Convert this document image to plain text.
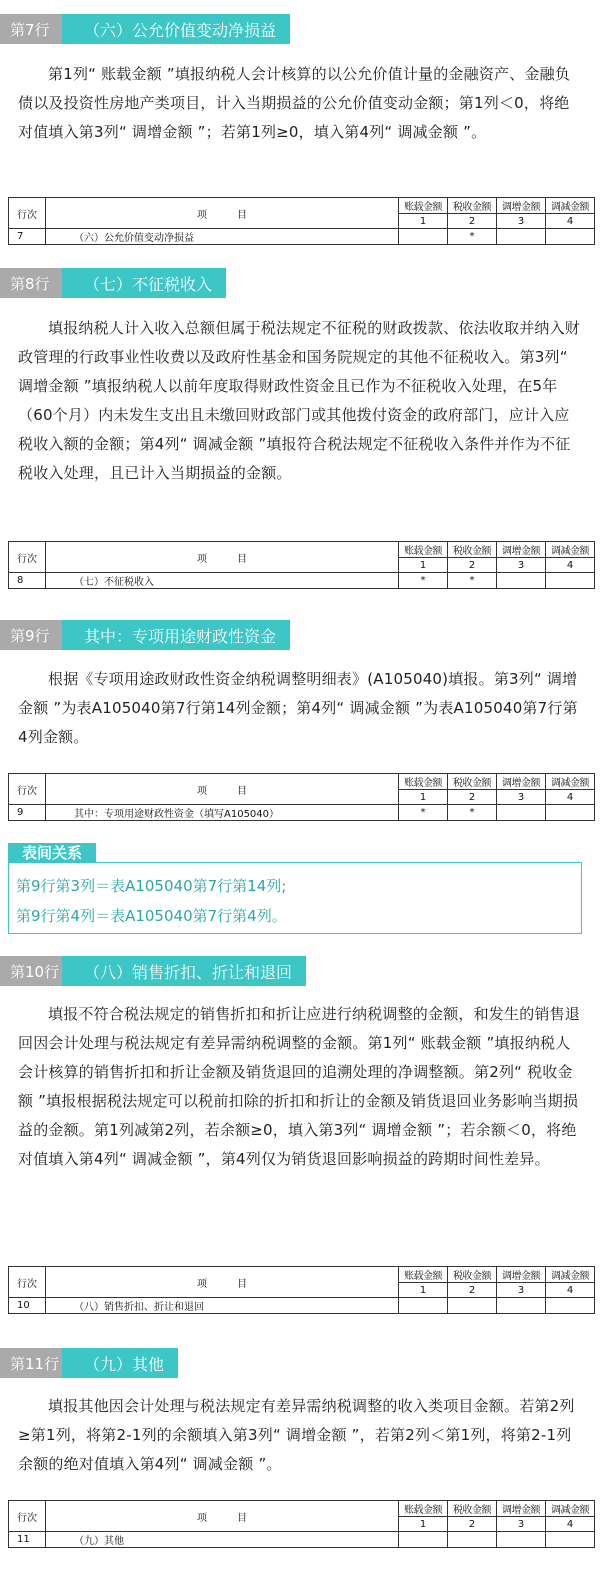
第7行	（六）公允价值变动净损益
第1列“ 账载金额 ”填报纳税人会计核算的以公允价值计量的金融资产、金融负债以及投资性房地产类项目，计入当期损益的公允价值变动金额；第1列＜0，将绝对值填入第3列“ 调增金额 ”；若第1列≥0，填入第4列“ 调减金额 ”。
行次	项　　　目	账载金额	税收金额	调增金额	调减金额
		1	2	3	4
7	（六）公允价值变动净损益		*		
第8行	（七）不征税收入
填报纳税人计入收入总额但属于税法规定不征税的财政拨款、依法收取并纳入财政管理的行政事业性收费以及政府性基金和国务院规定的其他不征税收入。第3列“ 调增金额 ”填报纳税人以前年度取得财政性资金且已作为不征税收入处理，在5年（60个月）内未发生支出且未缴回财政部门或其他拨付资金的政府部门，应计入应税收入额的金额；第4列“ 调减金额 ”填报符合税法规定不征税收入条件并作为不征税收入处理，且已计入当期损益的金额。
行次	项　　　目	账载金额	税收金额	调增金额	调减金额
		1	2	3	4
8	（七）不征税收入	*	*		
第9行	其中：专项用途财政性资金
根据《专项用途政财政性资金纳税调整明细表》(A105040)填报。第3列“ 调增金额 ”为表A105040第7行第14列金额；第4列“ 调减金额 ”为表A105040第7行第4列金额。
行次	项　　　目	账载金额	税收金额	调增金额	调减金额
		1	2	3	4
9	其中：专项用途财政性资金（填写A105040）	*	*		
表间关系
第9行第3列＝表A105040第7行第14列;
第9行第4列＝表A105040第7行第4列。
第10行	（八）销售折扣、折让和退回
填报不符合税法规定的销售折扣和折让应进行纳税调整的金额，和发生的销售退回因会计处理与税法规定有差异需纳税调整的金额。第1列“ 账载金额 ”填报纳税人会计核算的销售折扣和折让金额及销货退回的追溯处理的净调整额。第2列“ 税收金额 ”填报根据税法规定可以税前扣除的折扣和折让的金额及销货退回业务影响当期损益的金额。第1列减第2列，若余额≥0，填入第3列“ 调增金额 ”；若余额＜0，将绝对值填入第4列“ 调减金额 ”，第4列仅为销货退回影响损益的跨期时间性差异。
行次	项　　　目	账载金额	税收金额	调增金额	调减金额
		1	2	3	4
10	（八）销售折扣、折让和退回				
第11行	（九）其他
填报其他因会计处理与税法规定有差异需纳税调整的收入类项目金额。若第2列≥第1列，将第2-1列的余额填入第3列“ 调增金额 ”，若第2列＜第1列，将第2-1列余额的绝对值填入第4列“ 调减金额 ”。
行次	项　　　目	账载金额	税收金额	调增金额	调减金额
		1	2	3	4
11	（九）其他				
